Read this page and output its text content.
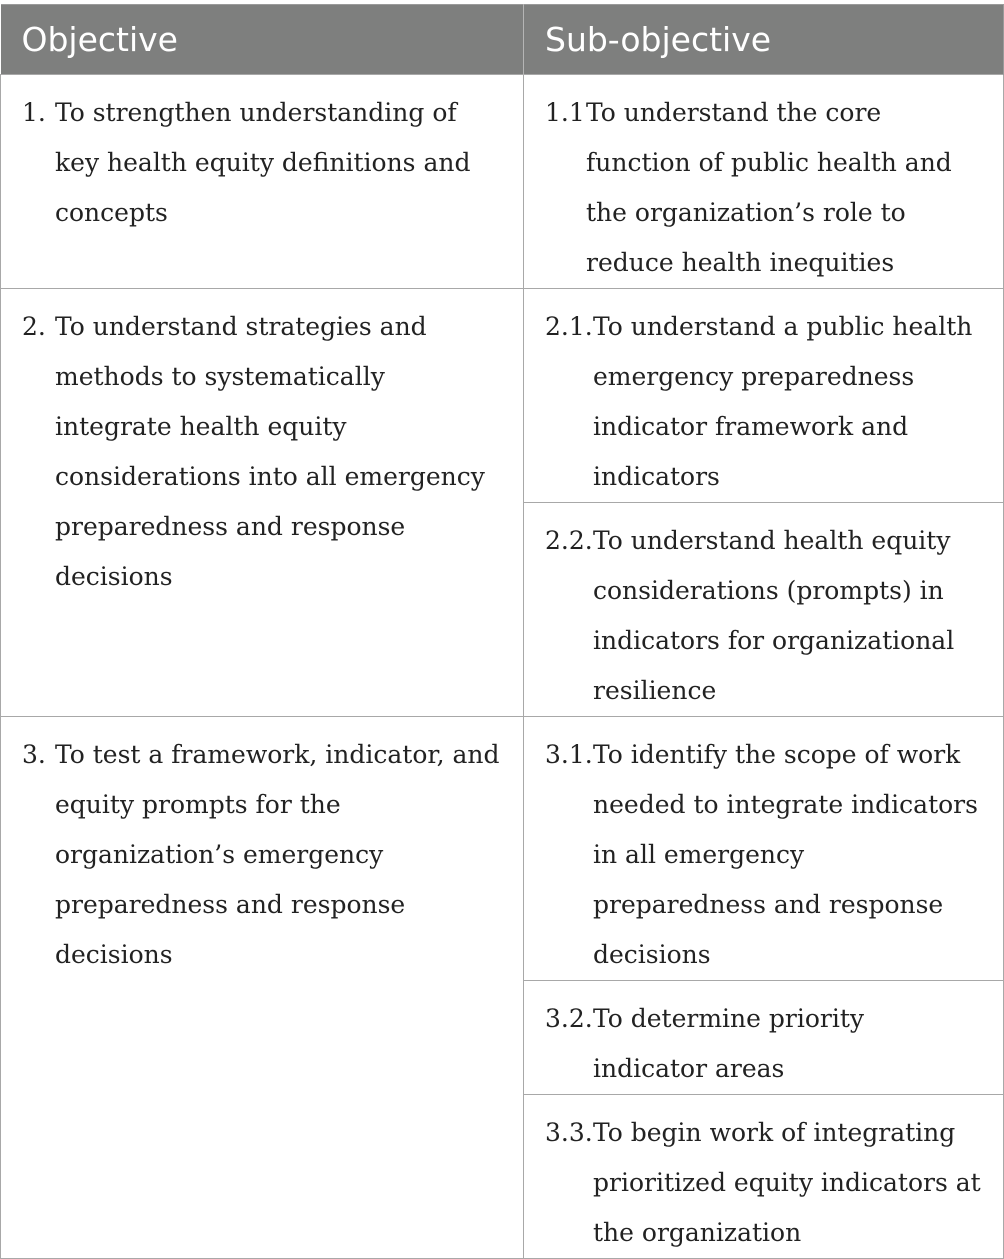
Objective	Sub-objective

1. To strengthen understanding of key health equity definitions and concepts	1.1 To understand the core function of public health and the organization’s role to reduce health inequities

2. To understand strategies and methods to systematically integrate health equity considerations into all emergency preparedness and response decisions	2.1. To understand a public health emergency preparedness indicator framework and indicators

	2.2. To understand health equity considerations (prompts) in indicators for organizational resilience

3. To test a framework, indicator, and equity prompts for the organization’s emergency preparedness and response decisions	3.1. To identify the scope of work needed to integrate indicators in all emergency preparedness and response decisions

	3.2. To determine priority indicator areas

	3.3. To begin work of integrating prioritized equity indicators at the organization
